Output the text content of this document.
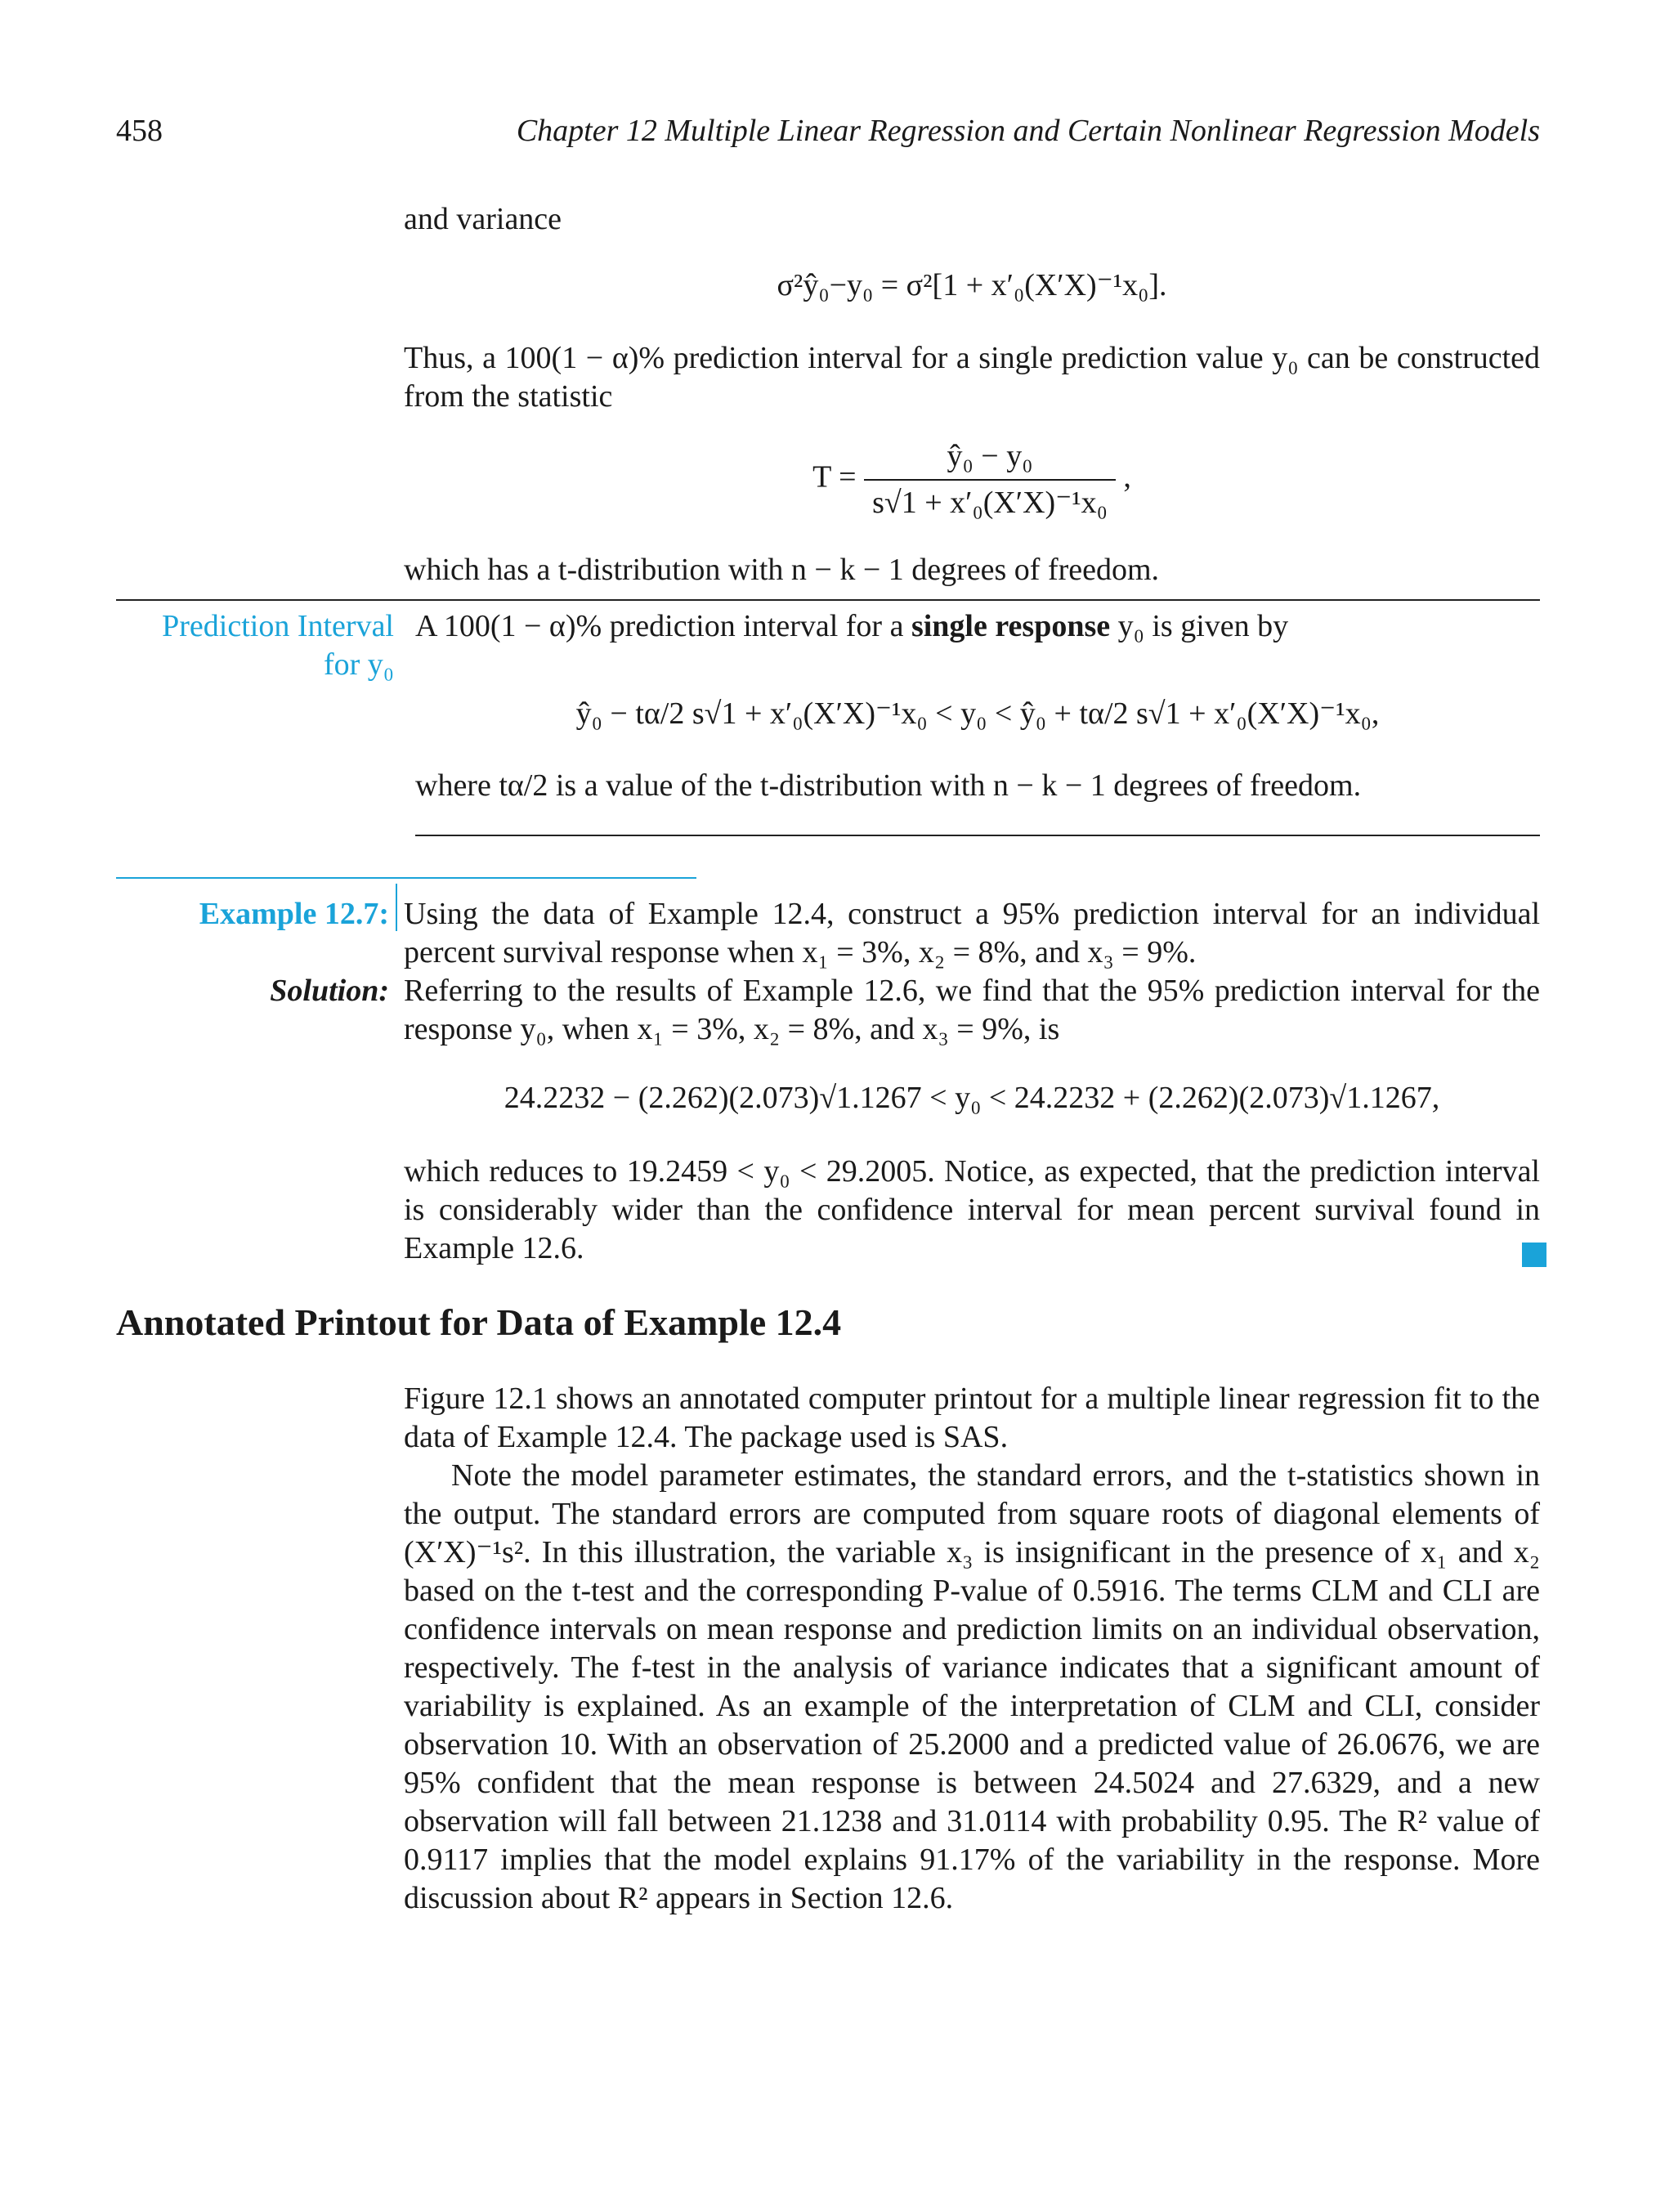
458	Chapter 12 Multiple Linear Regression and Certain Nonlinear Regression Models
and variance
σ²ŷ₀−y₀ = σ²[1 + x′₀(X′X)⁻¹x₀].
Thus, a 100(1 − α)% prediction interval for a single prediction value y₀ can be constructed from the statistic
$T = \frac{\text{ŷ₀ − y₀}}{\text{s√1 + x′₀(X′X)⁻¹x₀}}$ ,
which has a t-distribution with n − k − 1 degrees of freedom.
Prediction Interval
for y₀
A 100(1 − α)% prediction interval for a single response y₀ is given by
ŷ₀ − tα/2 s√1 + x′₀(X′X)⁻¹x₀ < y₀ < ŷ₀ + tα/2 s√1 + x′₀(X′X)⁻¹x₀,
where tα/2 is a value of the t-distribution with n − k − 1 degrees of freedom.
Example 12.7: Using the data of Example 12.4, construct a 95% prediction interval for an individual percent survival response when x₁ = 3%, x₂ = 8%, and x₃ = 9%.
Solution: Referring to the results of Example 12.6, we find that the 95% prediction interval for the response y₀, when x₁ = 3%, x₂ = 8%, and x₃ = 9%, is
24.2232 − (2.262)(2.073)√1.1267 < y₀ < 24.2232 + (2.262)(2.073)√1.1267,
which reduces to 19.2459 < y₀ < 29.2005. Notice, as expected, that the prediction interval is considerably wider than the confidence interval for mean percent survival found in Example 12.6.
Annotated Printout for Data of Example 12.4
Figure 12.1 shows an annotated computer printout for a multiple linear regression fit to the data of Example 12.4. The package used is SAS.
Note the model parameter estimates, the standard errors, and the t-statistics shown in the output. The standard errors are computed from square roots of diagonal elements of (X′X)⁻¹s². In this illustration, the variable x₃ is insignificant in the presence of x₁ and x₂ based on the t-test and the corresponding P-value of 0.5916. The terms CLM and CLI are confidence intervals on mean response and prediction limits on an individual observation, respectively. The f-test in the analysis of variance indicates that a significant amount of variability is explained. As an example of the interpretation of CLM and CLI, consider observation 10. With an observation of 25.2000 and a predicted value of 26.0676, we are 95% confident that the mean response is between 24.5024 and 27.6329, and a new observation will fall between 21.1238 and 31.0114 with probability 0.95. The R² value of 0.9117 implies that the model explains 91.17% of the variability in the response. More discussion about R² appears in Section 12.6.
